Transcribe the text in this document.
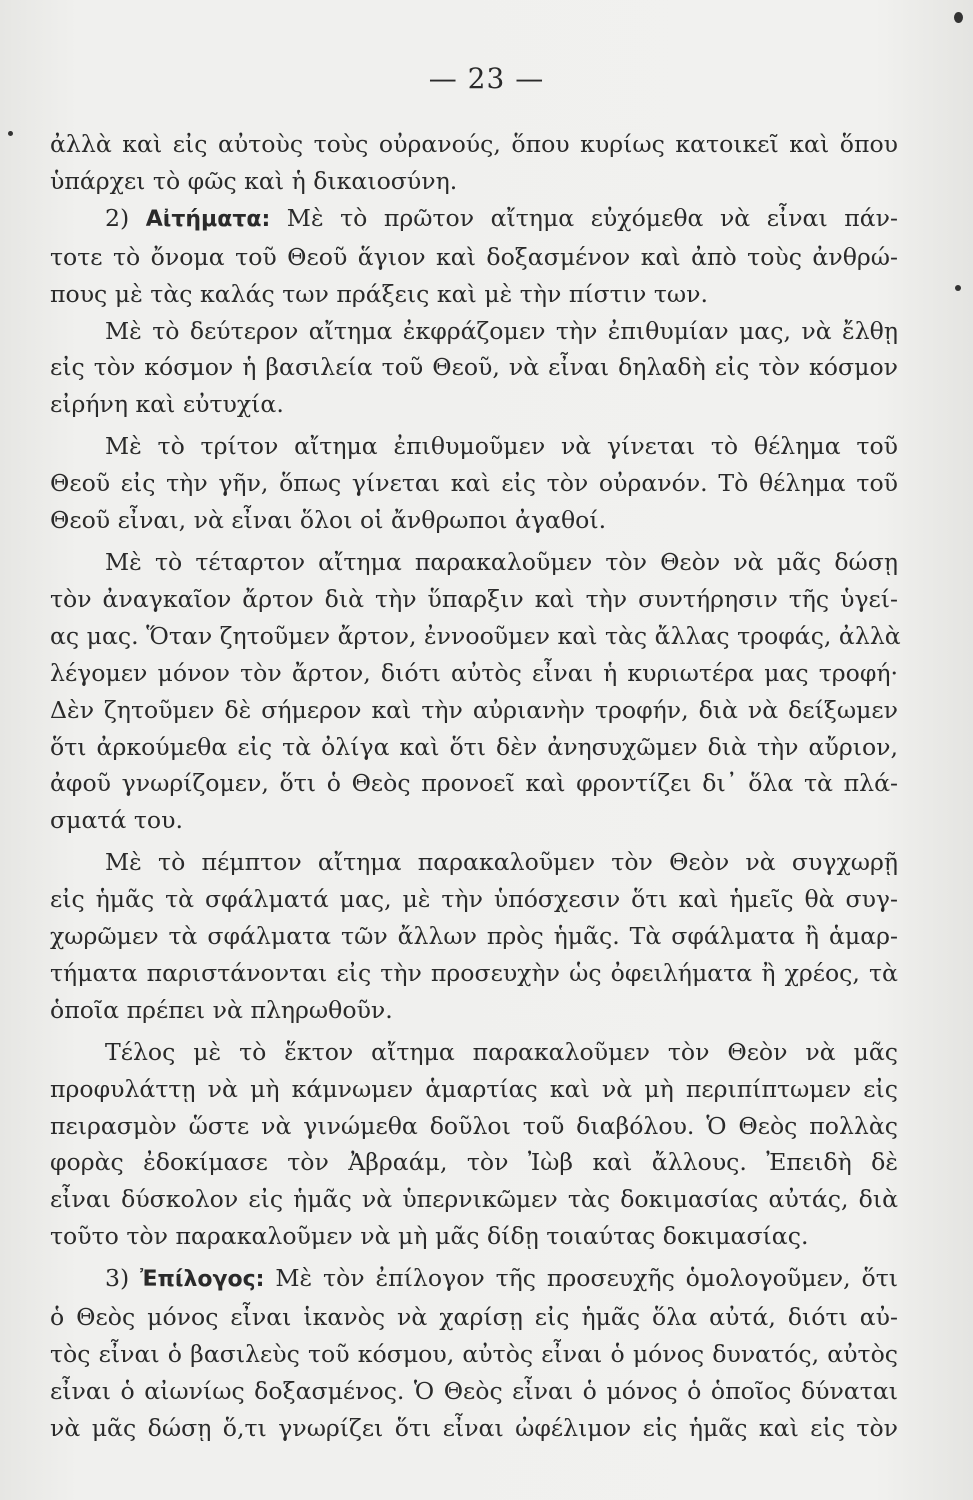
— 23 —
ἀλλὰ καὶ εἰς αὐτοὺς τοὺς οὐρανούς, ὅπου κυρίως κατοικεῖ καὶ ὅπου
ὑπάρχει τὸ φῶς καὶ ἡ δικαιοσύνη.
2) Αἰτήματα: Μὲ τὸ πρῶτον αἴτημα εὐχόμεθα νὰ εἶναι πάν-
τοτε τὸ ὄνομα τοῦ Θεοῦ ἅγιον καὶ δοξασμένον καὶ ἀπὸ τοὺς ἀνθρώ-
πους μὲ τὰς καλάς των πράξεις καὶ μὲ τὴν πίστιν των.
Μὲ τὸ δεύτερον αἴτημα ἐκφράζομεν τὴν ἐπιθυμίαν μας, νὰ ἔλθῃ
εἰς τὸν κόσμον ἡ βασιλεία τοῦ Θεοῦ, νὰ εἶναι δηλαδὴ εἰς τὸν κόσμον
εἰρήνη καὶ εὐτυχία.
Μὲ τὸ τρίτον αἴτημα ἐπιθυμοῦμεν νὰ γίνεται τὸ θέλημα τοῦ
Θεοῦ εἰς τὴν γῆν, ὅπως γίνεται καὶ εἰς τὸν οὐρανόν. Τὸ θέλημα τοῦ
Θεοῦ εἶναι, νὰ εἶναι ὅλοι οἱ ἄνθρωποι ἀγαθοί.
Μὲ τὸ τέταρτον αἴτημα παρακαλοῦμεν τὸν Θεὸν νὰ μᾶς δώσῃ
τὸν ἀναγκαῖον ἄρτον διὰ τὴν ὕπαρξιν καὶ τὴν συντήρησιν τῆς ὑγεί-
ας μας. Ὅταν ζητοῦμεν ἄρτον, ἐννοοῦμεν καὶ τὰς ἄλλας τροφάς, ἀλλὰ
λέγομεν μόνον τὸν ἄρτον, διότι αὐτὸς εἶναι ἡ κυριωτέρα μας τροφή·
Δὲν ζητοῦμεν δὲ σήμερον καὶ τὴν αὐριανὴν τροφήν, διὰ νὰ δείξωμεν
ὅτι ἀρκούμεθα εἰς τὰ ὀλίγα καὶ ὅτι δὲν ἀνησυχῶμεν διὰ τὴν αὔριον,
ἀφοῦ γνωρίζομεν, ὅτι ὁ Θεὸς προνοεῖ καὶ φροντίζει δι᾽ ὅλα τὰ πλά-
σματά του.
Μὲ τὸ πέμπτον αἴτημα παρακαλοῦμεν τὸν Θεὸν νὰ συγχωρῇ
εἰς ἡμᾶς τὰ σφάλματά μας, μὲ τὴν ὑπόσχεσιν ὅτι καὶ ἡμεῖς θὰ συγ-
χωρῶμεν τὰ σφάλματα τῶν ἄλλων πρὸς ἡμᾶς. Τὰ σφάλματα ἢ ἁμαρ-
τήματα παριστάνονται εἰς τὴν προσευχὴν ὡς ὀφειλήματα ἢ χρέος, τὰ
ὁποῖα πρέπει νὰ πληρωθοῦν.
Τέλος μὲ τὸ ἕκτον αἴτημα παρακαλοῦμεν τὸν Θεὸν νὰ μᾶς
προφυλάττῃ νὰ μὴ κάμνωμεν ἁμαρτίας καὶ νὰ μὴ περιπίπτωμεν εἰς
πειρασμὸν ὥστε νὰ γινώμεθα δοῦλοι τοῦ διαβόλου. Ὁ Θεὸς πολλὰς
φορὰς ἐδοκίμασε τὸν Ἀβραάμ, τὸν Ἰὼβ καὶ ἄλλους. Ἐπειδὴ δὲ
εἶναι δύσκολον εἰς ἡμᾶς νὰ ὑπερνικῶμεν τὰς δοκιμασίας αὐτάς, διὰ
τοῦτο τὸν παρακαλοῦμεν νὰ μὴ μᾶς δίδῃ τοιαύτας δοκιμασίας.
3) Ἐπίλογος: Μὲ τὸν ἐπίλογον τῆς προσευχῆς ὁμολογοῦμεν, ὅτι
ὁ Θεὸς μόνος εἶναι ἱκανὸς νὰ χαρίσῃ εἰς ἡμᾶς ὅλα αὐτά, διότι αὐ-
τὸς εἶναι ὁ βασιλεὺς τοῦ κόσμου, αὐτὸς εἶναι ὁ μόνος δυνατός, αὐτὸς
εἶναι ὁ αἰωνίως δοξασμένος. Ὁ Θεὸς εἶναι ὁ μόνος ὁ ὁποῖος δύναται
νὰ μᾶς δώσῃ ὅ,τι γνωρίζει ὅτι εἶναι ὠφέλιμον εἰς ἡμᾶς καὶ εἰς τὸν
